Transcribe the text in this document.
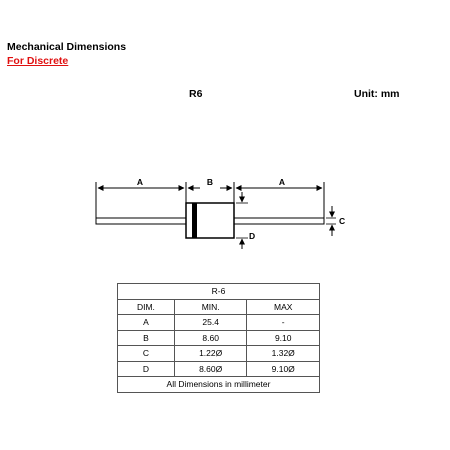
Mechanical Dimensions
For Discrete
R6	Unit: mm
A	B	A
C
D
R-6		
DIM.	MIN.	MAX
A	25.4	-
B	8.60	9.10
C	1.22Ø	1.32Ø
D	8.60Ø	9.10Ø
All Dimensions in millimeter		
